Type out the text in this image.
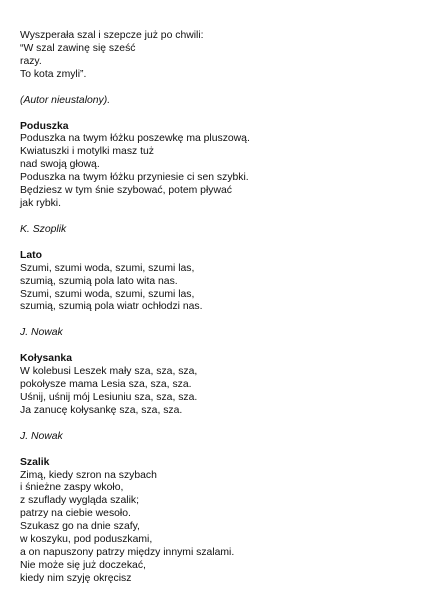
Wyszperała szal i szepcze już po chwili:

“W szal zawinę się sześć

razy.

To kota zmyli”.

(Autor nieustalony).

Poduszka

Poduszka na twym łóżku poszewkę ma pluszową.

Kwiatuszki i motylki masz tuż

nad swoją głową.

Poduszka na twym łóżku przyniesie ci sen szybki.

Będziesz w tym śnie szybować, potem pływać

jak rybki.

K. Szoplik

Lato

Szumi, szumi woda, szumi, szumi las,

szumią, szumią pola lato wita nas.

Szumi, szumi woda, szumi, szumi las,

szumią, szumią pola wiatr ochłodzi nas.

J. Nowak

Kołysanka

W kolebusi Leszek mały sza, sza, sza,

pokołysze mama Lesia sza, sza, sza.

Uśnij, uśnij mój Lesiuniu sza, sza, sza.

Ja zanucę kołysankę sza, sza, sza.

J. Nowak

Szalik

Zimą, kiedy szron na szybach

i śnieżne zaspy wkoło,

z szuflady wygląda szalik;

patrzy na ciebie wesoło.

Szukasz go na dnie szafy,

w koszyku, pod poduszkami,

a on napuszony patrzy między innymi szalami.

Nie może się już doczekać,

kiedy nim szyję okręcisz
